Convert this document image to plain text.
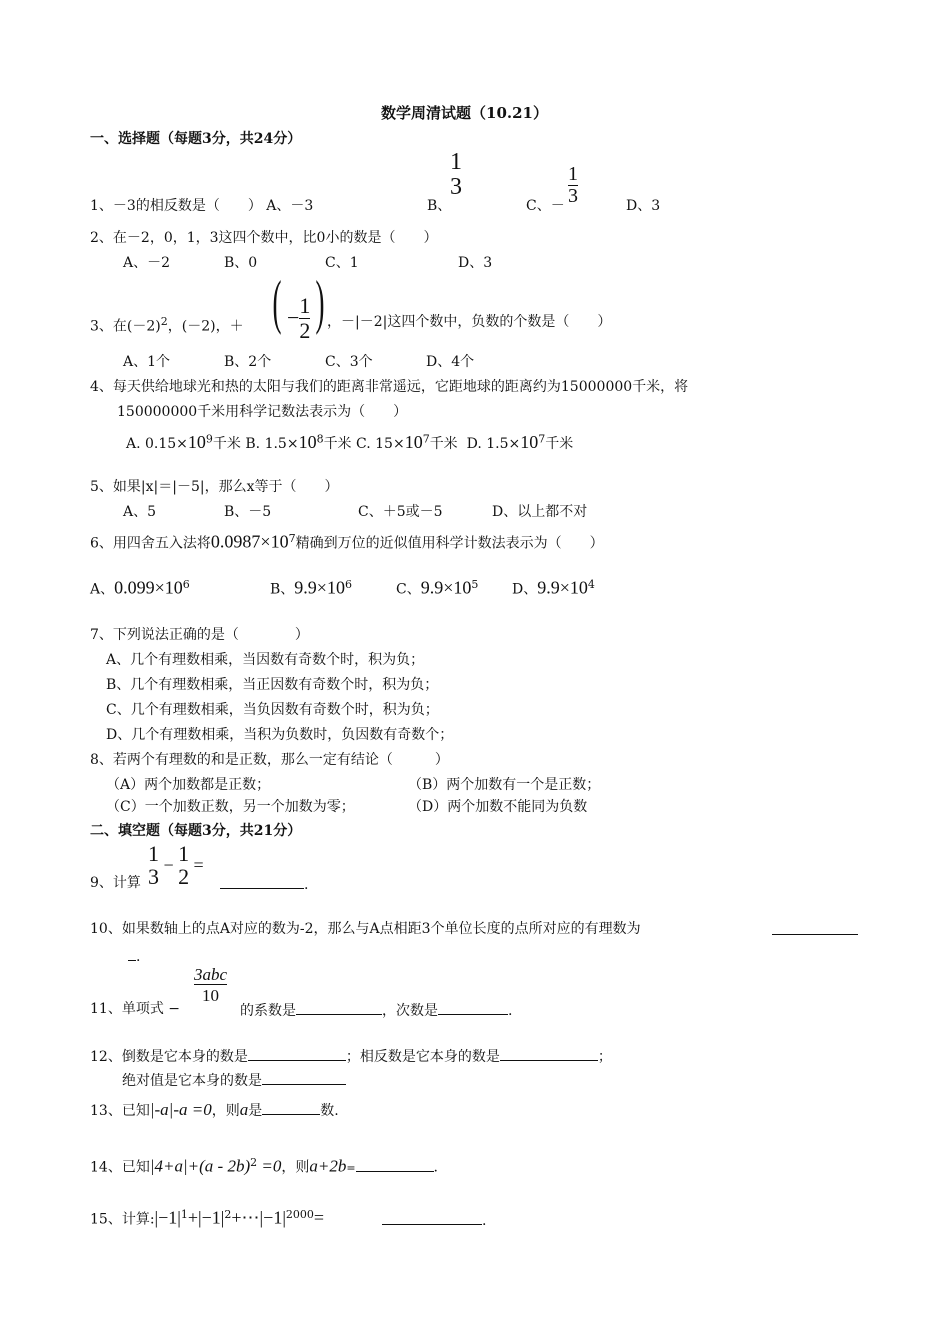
数学周清试题（10.21）
一、选择题（每题3分，共24分）
1、－3的相反数是（　　） A、－3	B、
1
3
C、－ $\frac{1}{3}$	D、3
2、在－2，0，1，3这四个数中，比0小的数是（　　）
A、－2	B、0	C、1	D、3
3、在$(-2)^2$，(－2)，＋ ( − $\frac{1}{2}$ ) ，－|－2|这四个数中，负数的个数是（　　）
A、1个	B、2个	C、3个	D、4个
4、每天供给地球光和热的太阳与我们的距离非常遥远，它距地球的距离约为15000000千米，将
150000000千米用科学记数法表示为（　　）
A. $0.15\times 10^9$千米 B. $1.5\times 10^8$千米 C. $15\times 10^7$千米 D. $1.5\times 10^7$千米
5、如果|x|＝|－5|，那么x等于（　　）
A、5	B、－5	C、＋5或－5	D、以上都不对
6、用四舍五入法将$0.0987\times 10^7$精确到万位的近似值用科学计数法表示为（　　）
A、$0.099\times 10^6$	B、$9.9\times 10^6$	C、$9.9\times 10^5$ D、$9.9\times 10^4$
7、下列说法正确的是（　　　　）
A、几个有理数相乘，当因数有奇数个时，积为负；
B、几个有理数相乘，当正因数有奇数个时，积为负；
C、几个有理数相乘，当负因数有奇数个时，积为负；
D、几个有理数相乘，当积为负数时，负因数有奇数个；
8、若两个有理数的和是正数，那么一定有结论（　　　）
（A）两个加数都是正数；	（B）两个加数有一个是正数；
（C）一个加数正数，另一个加数为零；	（D）两个加数不能同为负数
二、填空题（每题3分，共21分）
9、计算
1
3 − 1
2 =
.
10、如果数轴上的点A对应的数为-2，那么与A点相距3个单位长度的点所对应的有理数为
.
11、单项式 −
$\frac{\text{3abc}}{10}$
的系数是	，次数是	.
12、倒数是它本身的数是	；相反数是它本身的数是	；
绝对值是它本身的数是
13、已知|-a|-a =0，则a是	数.
14、已知|4+a|+(a - 2b)$^2$ =0，则a+2b=	.
15、计算$:|-1|^1+|-1|^2+\cdots|-1|^{2000}=$	.
